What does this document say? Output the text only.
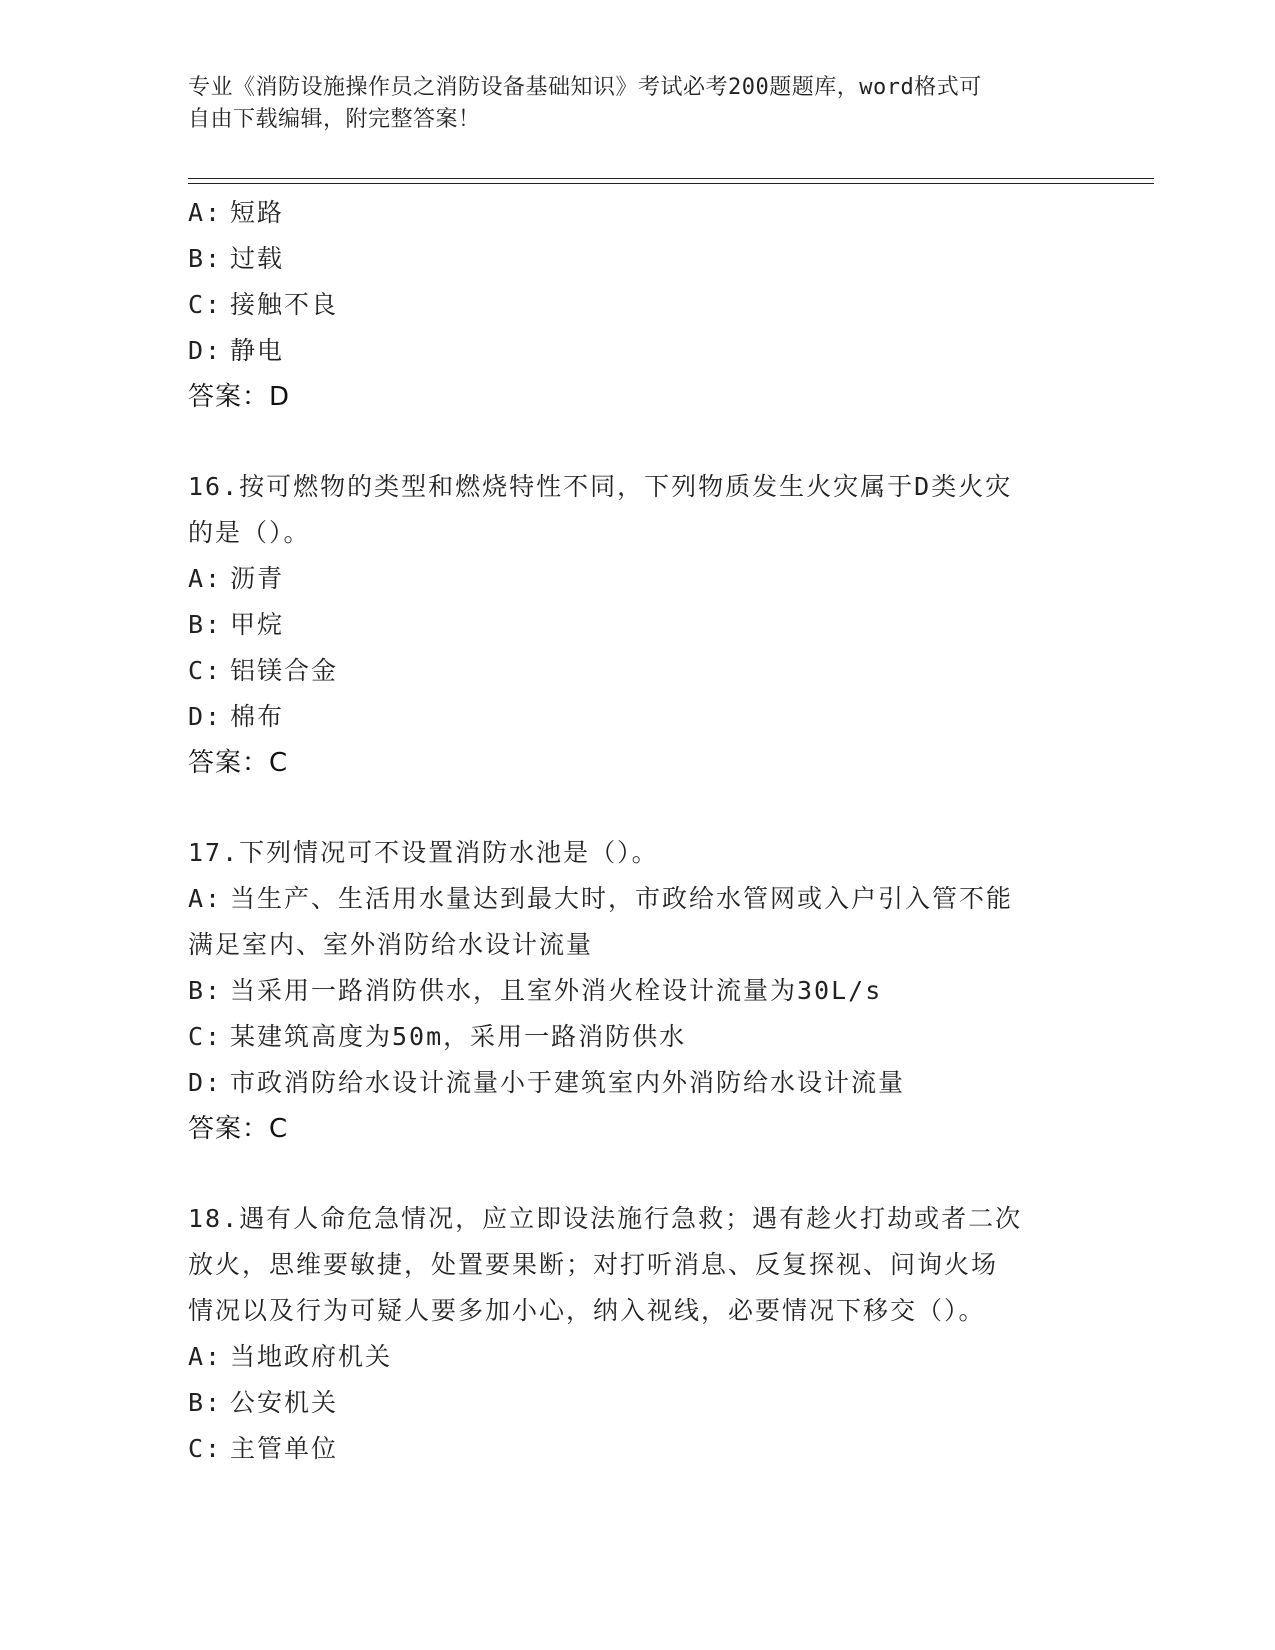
专业《消防设施操作员之消防设备基础知识》考试必考200题题库，word格式可
自由下载编辑，附完整答案！
A: 短路
B: 过载
C: 接触不良
D: 静电
答案：D
16.按可燃物的类型和燃烧特性不同，下列物质发生火灾属于D类火灾
的是（）。
A: 沥青
B: 甲烷
C: 铝镁合金
D: 棉布
答案：C
17.下列情况可不设置消防水池是（）。
A: 当生产、生活用水量达到最大时，市政给水管网或入户引入管不能
满足室内、室外消防给水设计流量
B: 当采用一路消防供水，且室外消火栓设计流量为30L/s
C: 某建筑高度为50m，采用一路消防供水
D: 市政消防给水设计流量小于建筑室内外消防给水设计流量
答案：C
18.遇有人命危急情况，应立即设法施行急救；遇有趁火打劫或者二次
放火，思维要敏捷，处置要果断；对打听消息、反复探视、问询火场
情况以及行为可疑人要多加小心，纳入视线，必要情况下移交（）。
A: 当地政府机关
B: 公安机关
C: 主管单位
